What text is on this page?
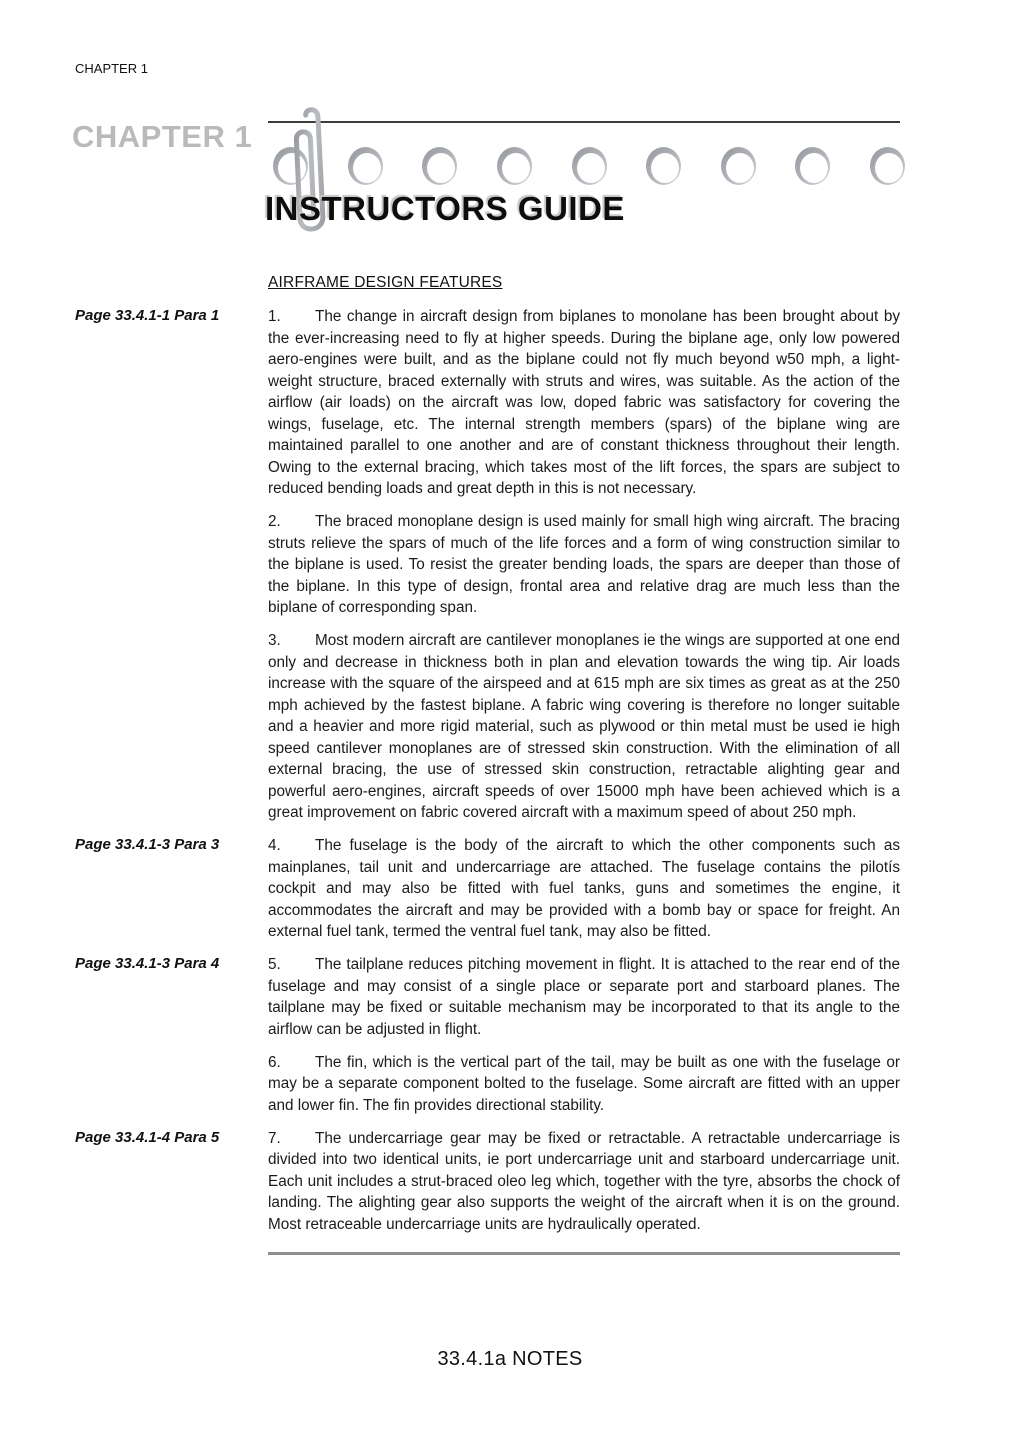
CHAPTER 1
CHAPTER 1
INSTRUCTORS GUIDE
AIRFRAME DESIGN FEATURES
Page 33.4.1-1 Para 1	1. The change in aircraft design from biplanes to monolane has been brought about by the ever-increasing need to fly at higher speeds. During the biplane age, only low powered aero-engines were built, and as the biplane could not fly much beyond w50 mph, a light-weight structure, braced externally with struts and wires, was suitable. As the action of the airflow (air loads) on the aircraft was low, doped fabric was satisfactory for covering the wings, fuselage, etc. The internal strength members (spars) of the biplane wing are maintained parallel to one another and are of constant thickness throughout their length. Owing to the external bracing, which takes most of the lift forces, the spars are subject to reduced bending loads and great depth in this is not necessary.

2. The braced monoplane design is used mainly for small high wing aircraft. The bracing struts relieve the spars of much of the life forces and a form of wing construction similar to the biplane is used. To resist the greater bending loads, the spars are deeper than those of the biplane. In this type of design, frontal area and relative drag are much less than the biplane of corresponding span.

3. Most modern aircraft are cantilever monoplanes ie the wings are supported at one end only and decrease in thickness both in plan and elevation towards the wing tip. Air loads increase with the square of the airspeed and at 615 mph are six times as great as at the 250 mph achieved by the fastest biplane. A fabric wing covering is therefore no longer suitable and a heavier and more rigid material, such as plywood or thin metal must be used ie high speed cantilever monoplanes are of stressed skin construction. With the elimination of all external bracing, the use of stressed skin construction, retractable alighting gear and powerful aero-engines, aircraft speeds of over 15000 mph have been achieved which is a great improvement on fabric covered aircraft with a maximum speed of about 250 mph.

Page 33.4.1-3 Para 3	4. The fuselage is the body of the aircraft to which the other components such as mainplanes, tail unit and undercarriage are attached. The fuselage contains the pilotís cockpit and may also be fitted with fuel tanks, guns and sometimes the engine, it accommodates the aircraft and may be provided with a bomb bay or space for freight. An external fuel tank, termed the ventral fuel tank, may also be fitted.

Page 33.4.1-3 Para 4	5. The tailplane reduces pitching movement in flight. It is attached to the rear end of the fuselage and may consist of a single place or separate port and starboard planes. The tailplane may be fixed or suitable mechanism may be incorporated to that its angle to the airflow can be adjusted in flight.

6. The fin, which is the vertical part of the tail, may be built as one with the fuselage or may be a separate component bolted to the fuselage. Some aircraft are fitted with an upper and lower fin. The fin provides directional stability.

Page 33.4.1-4 Para 5	7. The undercarriage gear may be fixed or retractable. A retractable undercarriage is divided into two identical units, ie port undercarriage unit and starboard undercarriage unit. Each unit includes a strut-braced oleo leg which, together with the tyre, absorbs the chock of landing. The alighting gear also supports the weight of the aircraft when it is on the ground. Most retraceable undercarriage units are hydraulically operated.

33.4.1a NOTES
